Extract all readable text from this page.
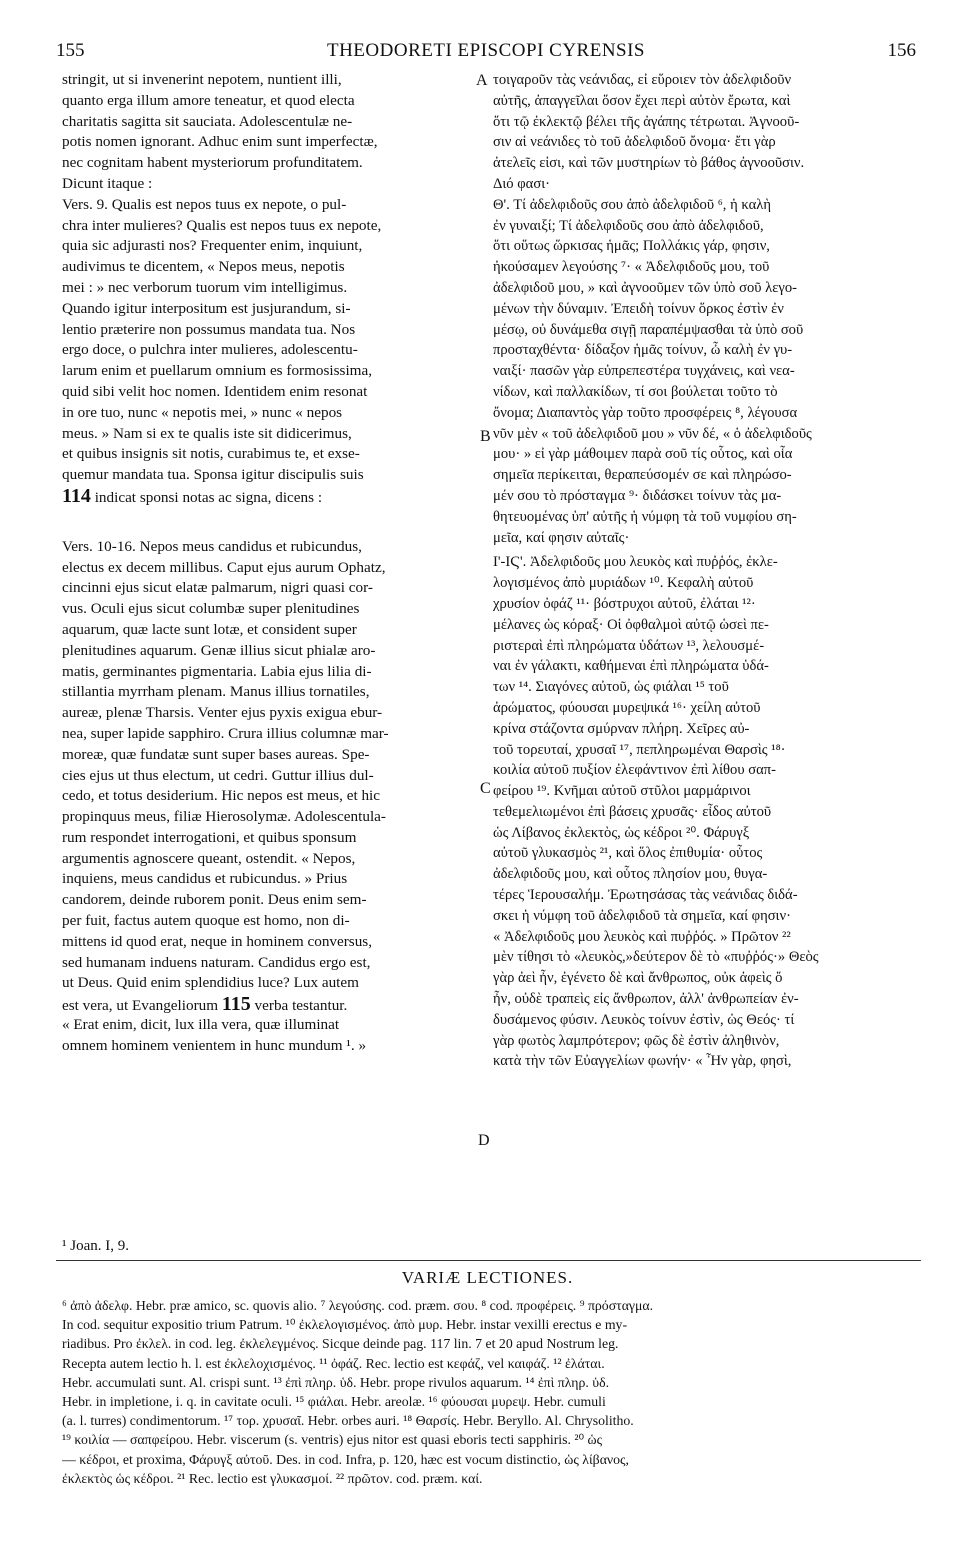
155	THEODORETI EPISCOPI CYRENSIS	156
stringit, ut si invenerint nepotem, nuntient illi,
quanto erga illum amore teneatur, et quod electa
charitatis sagitta sit sauciata. Adolescentulæ ne-
potis nomen ignorant. Adhuc enim sunt imperfectæ,
nec cognitam habent mysteriorum profunditatem.
Dicunt itaque :
Vers. 9. Qualis est nepos tuus ex nepote, o pul-
chra inter mulieres? Qualis est nepos tuus ex nepote,
quia sic adjurasti nos? Frequenter enim, inquiunt,
audivimus te dicentem, « Nepos meus, nepotis
mei : » nec verborum tuorum vim intelligimus.
Quando igitur interpositum est jusjurandum, si-
lentio præterire non possumus mandata tua. Nos
ergo doce, o pulchra inter mulieres, adolescentu-
larum enim et puellarum omnium es formosissima,
quid sibi velit hoc nomen. Identidem enim resonat
in ore tuo, nunc « nepotis mei, » nunc « nepos
meus. » Nam si ex te qualis iste sit didicerimus,
et quibus insignis sit notis, curabimus te, et exse-
quemur mandata tua. Sponsa igitur discipulis suis
114 indicat sponsi notas ac signa, dicens :
Vers. 10-16. Nepos meus candidus et rubicundus,
electus ex decem millibus. Caput ejus aurum Ophatz,
cincinni ejus sicut elatæ palmarum, nigri quasi cor-
vus. Oculi ejus sicut columbæ super plenitudines
aquarum, quæ lacte sunt lotæ, et consident super
plenitudines aquarum. Genæ illius sicut phialæ aro-
matis, germinantes pigmentaria. Labia ejus lilia di-
stillantia myrrham plenam. Manus illius tornatiles,
aureæ, plenæ Tharsis. Venter ejus pyxis exigua ebur-
nea, super lapide sapphiro. Crura illius columnæ mar-
moreæ, quæ fundatæ sunt super bases aureas. Spe-
cies ejus ut thus electum, ut cedri. Guttur illius dul-
cedo, et totus desiderium. Hic nepos est meus, et hic
propinquus meus, filiæ Hierosolymæ. Adolescentula-
rum respondet interrogationi, et quibus sponsum
argumentis agnoscere queant, ostendit. « Nepos,
inquiens, meus candidus et rubicundus. » Prius
candorem, deinde ruborem ponit. Deus enim sem-
per fuit, factus autem quoque est homo, non di-
mittens id quod erat, neque in hominem conversus,
sed humanam induens naturam. Candidus ergo est,
ut Deus. Quid enim splendidius luce? Lux autem
est vera, ut Evangeliorum 115 verba testantur.
« Erat enim, dicit, lux illa vera, quæ illuminat
omnem hominem venientem in hunc mundum ¹. »
A
B
C
D
τοιγαροῦν τὰς νεάνιδας, εἰ εὕροιεν τὸν ἀδελφιδοῦν
αὐτῆς, ἀπαγγεῖλαι ὅσον ἔχει περὶ αὐτὸν ἔρωτα, καὶ
ὅτι τῷ ἐκλεκτῷ βέλει τῆς ἀγάπης τέτρωται. Ἀγνοοῦ-
σιν αἱ νεάνιδες τὸ τοῦ ἀδελφιδοῦ ὄνομα· ἔτι γὰρ
ἀτελεῖς εἰσι, καὶ τῶν μυστηρίων τὸ βάθος ἀγνοοῦσιν.
Διό φασι·
Θ'. Τί ἀδελφιδοῦς σου ἀπὸ ἀδελφιδοῦ ⁶, ἡ καλὴ
ἐν γυναιξί; Τί ἀδελφιδοῦς σου ἀπὸ ἀδελφιδοῦ,
ὅτι οὕτως ὥρκισας ἡμᾶς; Πολλάκις γάρ, φησιν,
ἠκούσαμεν λεγούσης ⁷· « Ἀδελφιδοῦς μου, τοῦ
ἀδελφιδοῦ μου, » καὶ ἀγνοοῦμεν τῶν ὑπὸ σοῦ λεγο-
μένων τὴν δύναμιν. Ἐπειδὴ τοίνυν ὅρκος ἐστὶν ἐν
μέσῳ, οὐ δυνάμεθα σιγῇ παραπέμψασθαι τὰ ὑπὸ σοῦ
προσταχθέντα· δίδαξον ἡμᾶς τοίνυν, ὦ καλὴ ἐν γυ-
ναιξί· πασῶν γὰρ εὐπρεπεστέρα τυγχάνεις, καὶ νεα-
νίδων, καὶ παλλακίδων, τί σοι βούλεται τοῦτο τὸ
ὄνομα; Διαπαντὸς γὰρ τοῦτο προσφέρεις ⁸, λέγουσα
νῦν μὲν « τοῦ ἀδελφιδοῦ μου » νῦν δέ, « ὁ ἀδελφιδοῦς
μου· » εἰ γὰρ μάθοιμεν παρὰ σοῦ τίς οὗτος, καὶ οἷα
σημεῖα περίκειται, θεραπεύσομέν σε καὶ πληρώσο-
μέν σου τὸ πρόσταγμα ⁹· διδάσκει τοίνυν τὰς μα-
θητευομένας ὑπ' αὐτῆς ἡ νύμφη τὰ τοῦ νυμφίου ση-
μεῖα, καί φησιν αὐταῖς·
Ι'-ΙϚ'. Ἀδελφιδοῦς μου λευκὸς καὶ πυῤῥός, ἐκλε-
λογισμένος ἀπὸ μυριάδων ¹⁰. Κεφαλὴ αὐτοῦ
χρυσίον ὀφάζ ¹¹· βόστρυχοι αὐτοῦ, ἐλάται ¹²·
μέλανες ὡς κόραξ· Οἱ ὀφθαλμοὶ αὐτῷ ὡσεὶ πε-
ριστεραὶ ἐπὶ πληρώματα ὑδάτων ¹³, λελουσμέ-
ναι ἐν γάλακτι, καθήμεναι ἐπὶ πληρώματα ὑδά-
των ¹⁴. Σιαγόνες αὐτοῦ, ὡς φιάλαι ¹⁵ τοῦ
ἀρώματος, φύουσαι μυρεψικά ¹⁶· χείλη αὐτοῦ
κρίνα στάζοντα σμύρναν πλήρη. Χεῖρες αὐ-
τοῦ τορευταί, χρυσαῖ ¹⁷, πεπληρωμέναι Θαρσὶς ¹⁸·
κοιλία αὐτοῦ πυξίον ἐλεφάντινον ἐπὶ λίθου σαπ-
φείρου ¹⁹. Κνῆμαι αὐτοῦ στῦλοι μαρμάρινοι
τεθεμελιωμένοι ἐπὶ βάσεις χρυσᾶς· εἶδος αὐτοῦ
ὡς Λίβανος ἐκλεκτὸς, ὡς κέδροι ²⁰. Φάρυγξ
αὐτοῦ γλυκασμὸς ²¹, καὶ ὅλος ἐπιθυμία· οὗτος
ἀδελφιδοῦς μου, καὶ οὗτος πλησίον μου, θυγα-
τέρες Ἱερουσαλήμ. Ἐρωτησάσας τὰς νεάνιδας διδά-
σκει ἡ νύμφη τοῦ ἀδελφιδοῦ τὰ σημεῖα, καί φησιν·
« Ἀδελφιδοῦς μου λευκὸς καὶ πυῤῥός. » Πρῶτον ²²
μὲν τίθησι τὸ «λευκὸς,»δεύτερον δὲ τὸ «πυῤῥός·» Θεὸς
γὰρ ἀεὶ ἦν, ἐγένετο δὲ καὶ ἄνθρωπος, οὐκ ἀφεὶς ὅ
ἦν, οὐδὲ τραπεὶς εἰς ἄνθρωπον, ἀλλ' ἀνθρωπείαν ἐν-
δυσάμενος φύσιν. Λευκὸς τοίνυν ἐστὶν, ὡς Θεός· τί
γὰρ φωτὸς λαμπρότερον; φῶς δὲ ἐστὶν ἀληθινὸν,
κατὰ τὴν τῶν Εὐαγγελίων φωνήν· « Ἦν γὰρ, φησὶ,
¹ Joan. I, 9.
VARIÆ LECTIONES.
⁶ ἀπὸ ἀδελφ. Hebr. præ amico, sc. quovis alio. ⁷ λεγούσης. cod. præm. σου. ⁸ cod. προφέρεις. ⁹ πρόσταγμα.
In cod. sequitur expositio trium Patrum. ¹⁰ ἐκλελογισμένος. ἀπὸ μυρ. Hebr. instar vexilli erectus e my-
riadibus. Pro ἐκλελ. in cod. leg. ἐκλελεγμένος. Sicque deinde pag. 117 lin. 7 et 20 apud Nostrum leg.
Recepta autem lectio h. l. est ἐκλελοχισμένος. ¹¹ ὀφάζ. Rec. lectio est κεφάζ, vel καιφάζ. ¹² ἐλάται.
Hebr. accumulati sunt. Al. crispi sunt. ¹³ ἐπὶ πληρ. ὑδ. Hebr. prope rivulos aquarum. ¹⁴ ἐπὶ πληρ. ὑδ.
Hebr. in impletione, i. q. in cavitate oculi. ¹⁵ φιάλαι. Hebr. areolæ. ¹⁶ φύουσαι μυρεψ. Hebr. cumuli
(a. l. turres) condimentorum. ¹⁷ τορ. χρυσαῖ. Hebr. orbes auri. ¹⁸ Θαρσίς. Hebr. Beryllo. Al. Chrysolitho.
¹⁹ κοιλία — σαπφείρου. Hebr. viscerum (s. ventris) ejus nitor est quasi eboris tecti sapphiris. ²⁰ ὡς
— κέδροι, et proxima, Φάρυγξ αὐτοῦ. Des. in cod. Infra, p. 120, hæc est vocum distinctio, ὡς λίβανος,
ἐκλεκτὸς ὡς κέδροι. ²¹ Rec. lectio est γλυκασμοί. ²² πρῶτον. cod. præm. καί.
